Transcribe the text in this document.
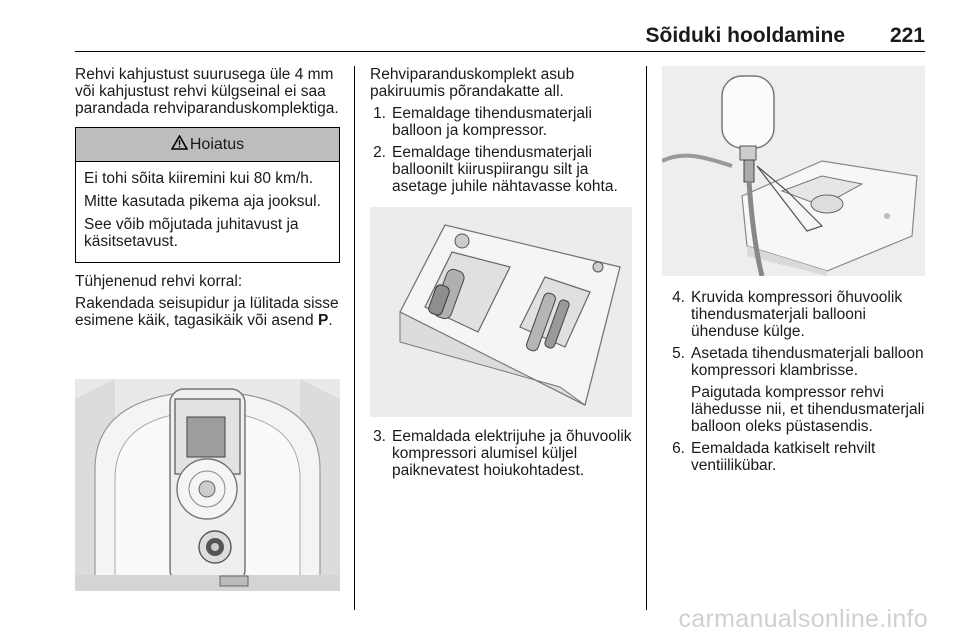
Sõiduki hooldamine 221

Rehvi kahjustust suurusega üle 4 mm või kahjustust rehvi külgseinal ei saa parandada rehviparanduskomplektiga.

Hoiatus

Ei tohi sõita kiiremini kui 80 km/h.

Mitte kasutada pikema aja jooksul.

See võib mõjutada juhitavust ja käsitsetavust.

Tühjenenud rehvi korral:

Rakendada seisupidur ja lülitada sisse esimene käik, tagasikäik või asend P.

Rehviparanduskomplekt asub pakiruumis põrandakatte all.

1. Eemaldage tihendusmaterjali balloon ja kompressor.
2. Eemaldage tihendusmaterjali balloonilt kiiruspiirangu silt ja asetage juhile nähtavasse kohta.
3. Eemaldada elektrijuhe ja õhuvoolik kompressori alumisel küljel paiknevatest hoiukohtadest.
4. Kruvida kompressori õhuvoolik tihendusmaterjali ballooni ühenduse külge.
5. Asetada tihendusmaterjali balloon kompressori klambrisse.
Paigutada kompressor rehvi lähedusse nii, et tihendusmaterjali balloon oleks püstasendis.
6. Eemaldada katkiselt rehvilt ventiilikübar.
carmanualsonline.info
